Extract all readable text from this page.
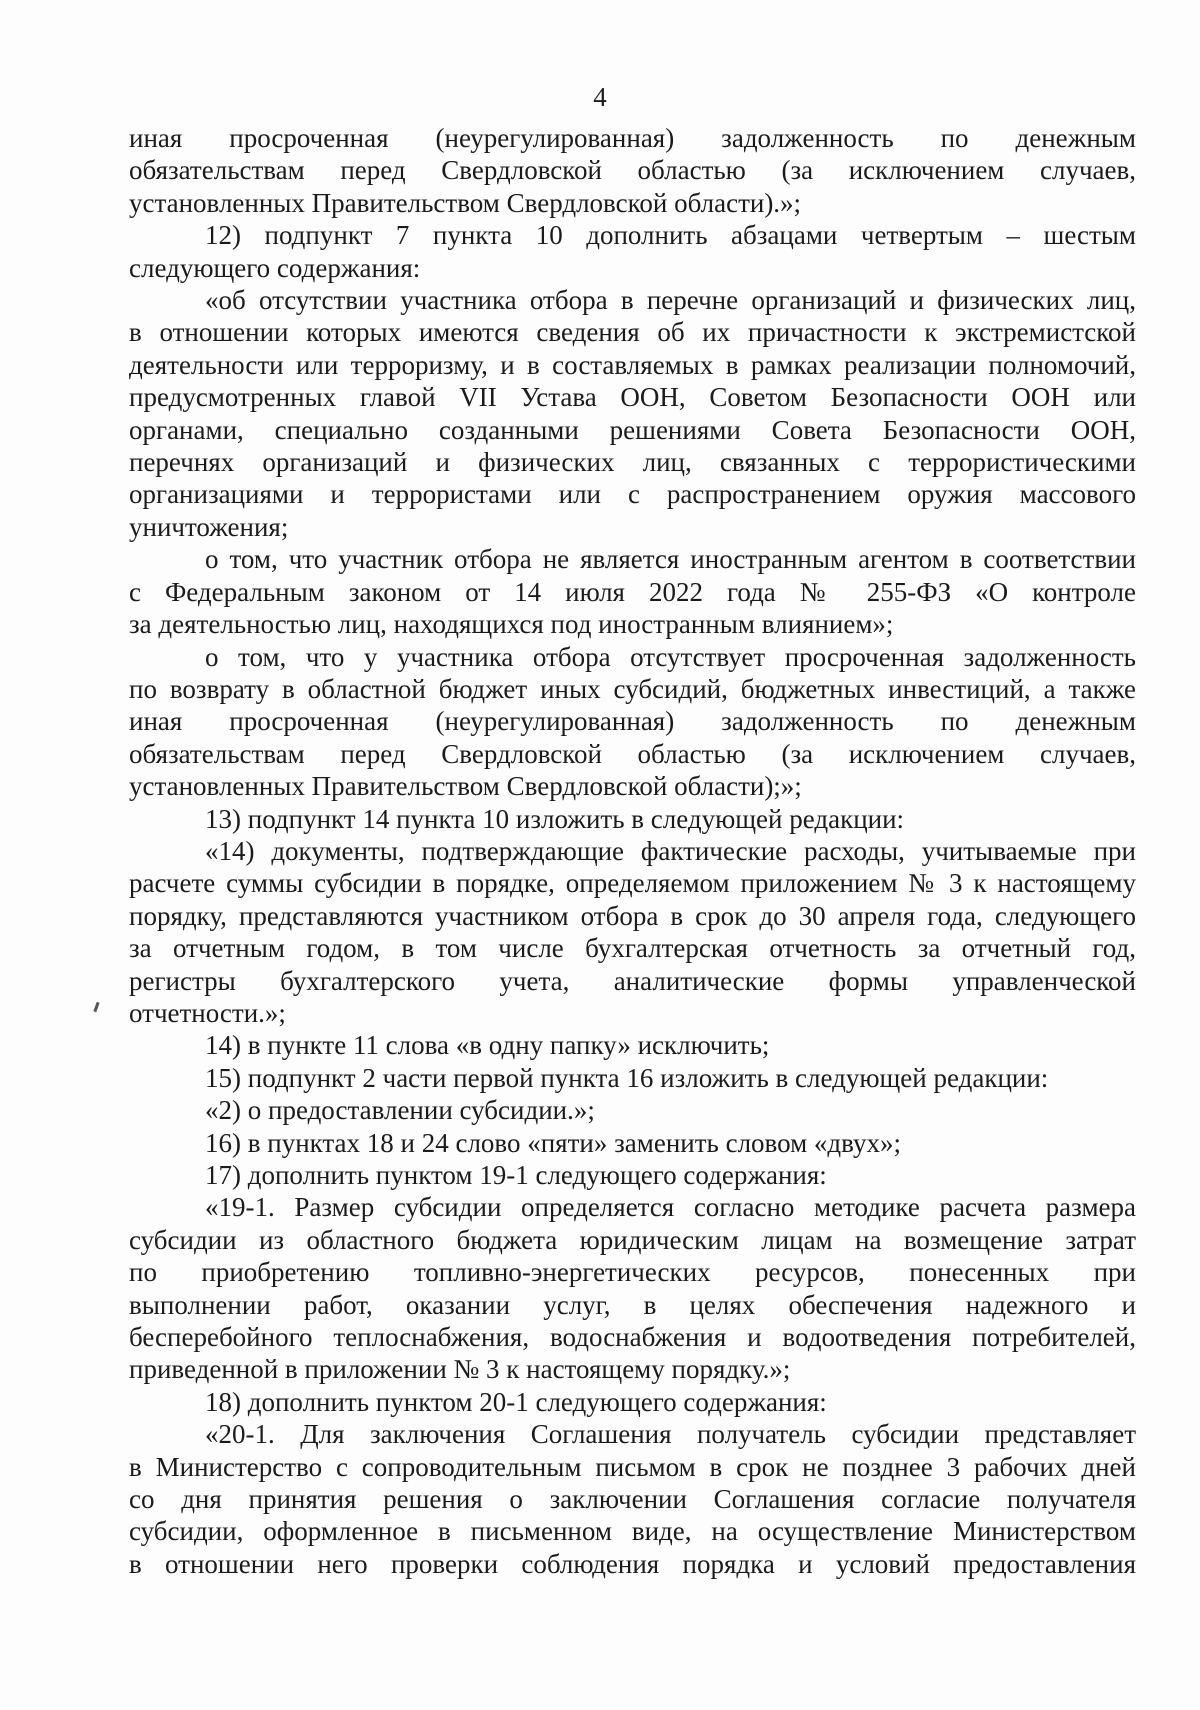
4
иная просроченная (неурегулированная) задолженность по денежным
обязательствам перед Свердловской областью (за исключением случаев,
установленных Правительством Свердловской области).»;
12) подпункт 7 пункта 10 дополнить абзацами четвертым – шестым
следующего содержания:
«об отсутствии участника отбора в перечне организаций и физических лиц,
в отношении которых имеются сведения об их причастности к экстремистской
деятельности или терроризму, и в составляемых в рамках реализации полномочий,
предусмотренных главой VII Устава ООН, Советом Безопасности ООН или
органами, специально созданными решениями Совета Безопасности ООН,
перечнях организаций и физических лиц, связанных с террористическими
организациями и террористами или с распространением оружия массового
уничтожения;
о том, что участник отбора не является иностранным агентом в соответствии
с Федеральным законом от 14 июля 2022 года № 255-ФЗ «О контроле
за деятельностью лиц, находящихся под иностранным влиянием»;
о том, что у участника отбора отсутствует просроченная задолженность
по возврату в областной бюджет иных субсидий, бюджетных инвестиций, а также
иная просроченная (неурегулированная) задолженность по денежным
обязательствам перед Свердловской областью (за исключением случаев,
установленных Правительством Свердловской области);»;
13) подпункт 14 пункта 10 изложить в следующей редакции:
«14) документы, подтверждающие фактические расходы, учитываемые при
расчете суммы субсидии в порядке, определяемом приложением № 3 к настоящему
порядку, представляются участником отбора в срок до 30 апреля года, следующего
за отчетным годом, в том числе бухгалтерская отчетность за отчетный год,
регистры бухгалтерского учета, аналитические формы управленческой
отчетности.»;
14) в пункте 11 слова «в одну папку» исключить;
15) подпункт 2 части первой пункта 16 изложить в следующей редакции:
«2) о предоставлении субсидии.»;
16) в пунктах 18 и 24 слово «пяти» заменить словом «двух»;
17) дополнить пунктом 19-1 следующего содержания:
«19-1. Размер субсидии определяется согласно методике расчета размера
субсидии из областного бюджета юридическим лицам на возмещение затрат
по приобретению топливно-энергетических ресурсов, понесенных при
выполнении работ, оказании услуг, в целях обеспечения надежного и
бесперебойного теплоснабжения, водоснабжения и водоотведения потребителей,
приведенной в приложении № 3 к настоящему порядку.»;
18) дополнить пунктом 20-1 следующего содержания:
«20-1. Для заключения Соглашения получатель субсидии представляет
в Министерство с сопроводительным письмом в срок не позднее 3 рабочих дней
со дня принятия решения о заключении Соглашения согласие получателя
субсидии, оформленное в письменном виде, на осуществление Министерством
в отношении него проверки соблюдения порядка и условий предоставления
